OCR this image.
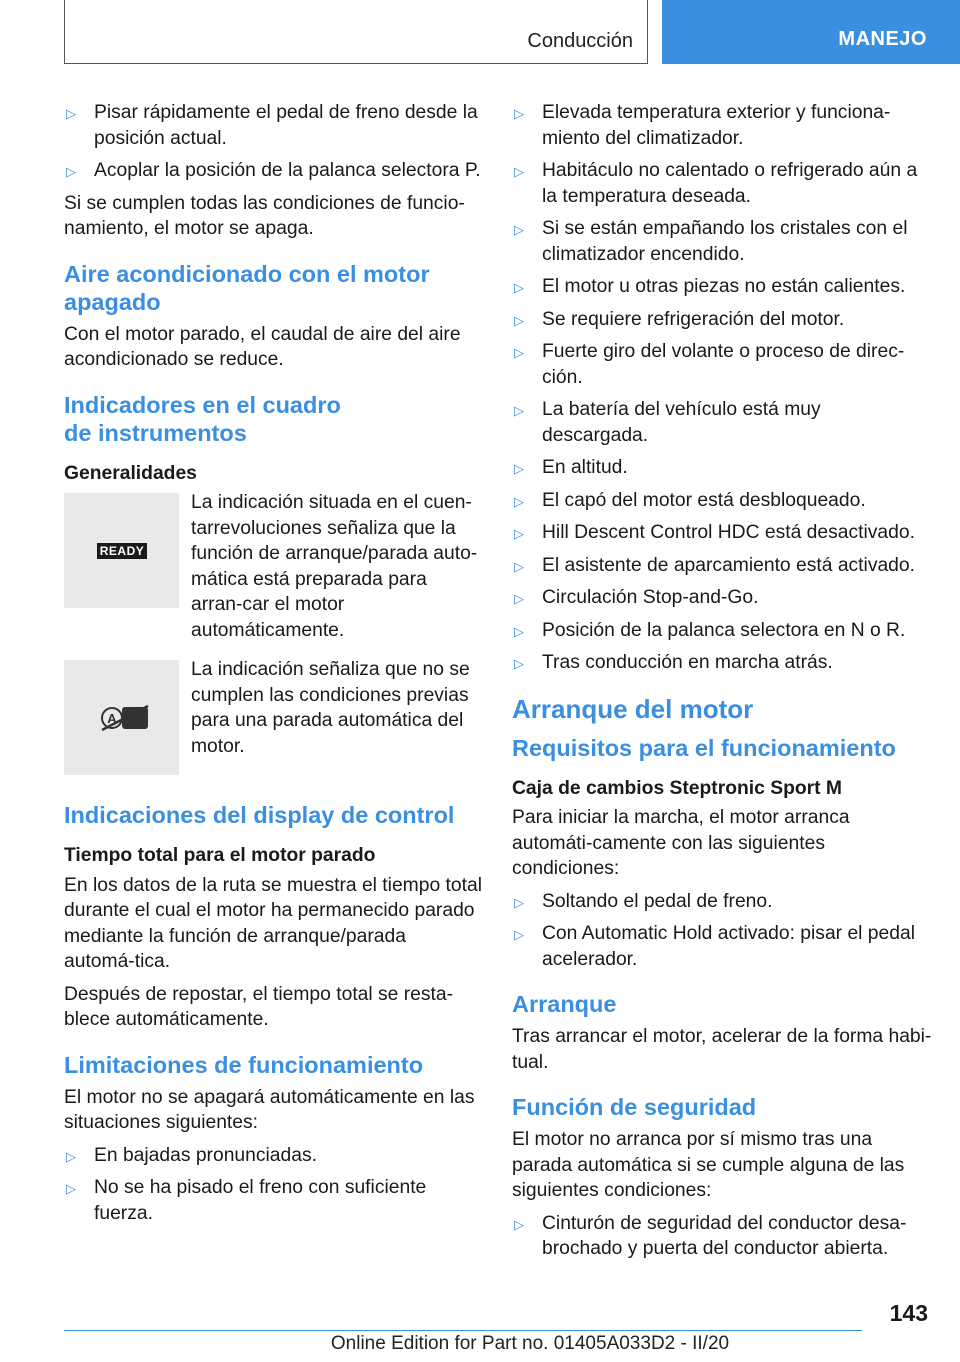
Conducción	MANEJO
▷ Pisar rápidamente el pedal de freno desde la posición actual.
▷ Acoplar la posición de la palanca selectora P.

Si se cumplen todas las condiciones de funcio‐namiento, el motor se apaga.

Aire acondicionado con el motor apagado

Con el motor parado, el caudal de aire del aire acondicionado se reduce.

Indicadores en el cuadro de instrumentos
Generalidades
READY
La indicación situada en el cuen‐tarrevoluciones señaliza que la función de arranque/parada auto‐mática está preparada para arran‐car el motor automáticamente.
A
La indicación señaliza que no se cumplen las condiciones previas para una parada automática del motor.
Indicaciones del display de control
Tiempo total para el motor parado

En los datos de la ruta se muestra el tiempo total durante el cual el motor ha permanecido parado mediante la función de arranque/parada automá‐tica.

Después de repostar, el tiempo total se resta‐blece automáticamente.

Limitaciones de funcionamiento

El motor no se apagará automáticamente en las situaciones siguientes:

▷ En bajadas pronunciadas.
▷ No se ha pisado el freno con suficiente fuerza.
▷ Elevada temperatura exterior y funciona‐miento del climatizador.
▷ Habitáculo no calentado o refrigerado aún a la temperatura deseada.
▷ Si se están empañando los cristales con el climatizador encendido.
▷ El motor u otras piezas no están calientes.
▷ Se requiere refrigeración del motor.
▷ Fuerte giro del volante o proceso de direc‐ción.
▷ La batería del vehículo está muy descargada.
▷ En altitud.
▷ El capó del motor está desbloqueado.
▷ Hill Descent Control HDC está desactivado.
▷ El asistente de aparcamiento está activado.
▷ Circulación Stop-and-Go.
▷ Posición de la palanca selectora en N o R.
▷ Tras conducción en marcha atrás.
Arranque del motor
Requisitos para el funcionamiento
Caja de cambios Steptronic Sport M

Para iniciar la marcha, el motor arranca automáti‐camente con las siguientes condiciones:

▷ Soltando el pedal de freno.
▷ Con Automatic Hold activado: pisar el pedal acelerador.
Arranque

Tras arrancar el motor, acelerar de la forma habi‐tual.

Función de seguridad

El motor no arranca por sí mismo tras una parada automática si se cumple alguna de las siguientes condiciones:

▷ Cinturón de seguridad del conductor desa‐brochado y puerta del conductor abierta.
143
Online Edition for Part no. 01405A033D2 - II/20
